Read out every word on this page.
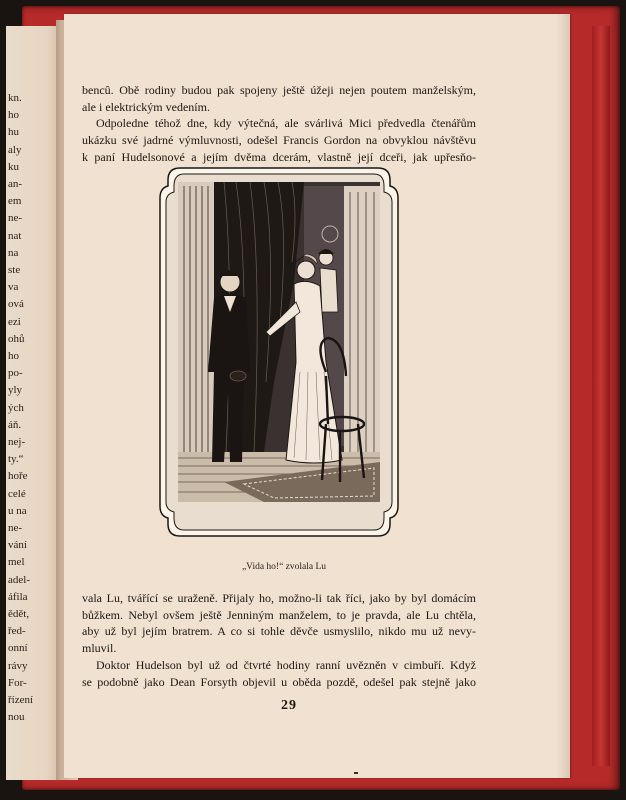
kn.
ho
hu
aly
ku
an-
em
ne-
nat
na
ste
va
ová
ezi
ohů
ho
po-
yly
ých
áň.
nej-
ty.“
hoře
celé
u na
ne-
vání
mel
adel-
áfila
ědět,
řed-
onní
rávy
For-
řízení
nou
bencû. Obě rodiny budou pak spojeny ještě úžeji nejen poutem manželským,
ale i elektrickým vedením.
Odpoledne téhož dne, kdy výtečná, ale svárlivá Mici předvedla čtenářům
ukázku své jadrné výmluvnosti, odešel Francis Gordon na obvyklou návštěvu
k paní Hudelsonové a jejím dvěma dcerám, vlastně její dceři, jak upřesňo-
„Vida ho!“ zvolala Lu
vala Lu, tvářící se uraženě. Přijaly ho, možno-li tak říci, jako by byl domácím
bůžkem. Nebyl ovšem ještě Jenniným manželem, to je pravda, ale Lu chtěla,
aby už byl jejím bratrem. A co si tohle děvče usmyslilo, nikdo mu už nevy-
mluvil.
Doktor Hudelson byl už od čtvrté hodiny ranní uvězněn v cimbuří. Když
se podobně jako Dean Forsyth objevil u oběda pozdě, odešel pak stejně jako
29
